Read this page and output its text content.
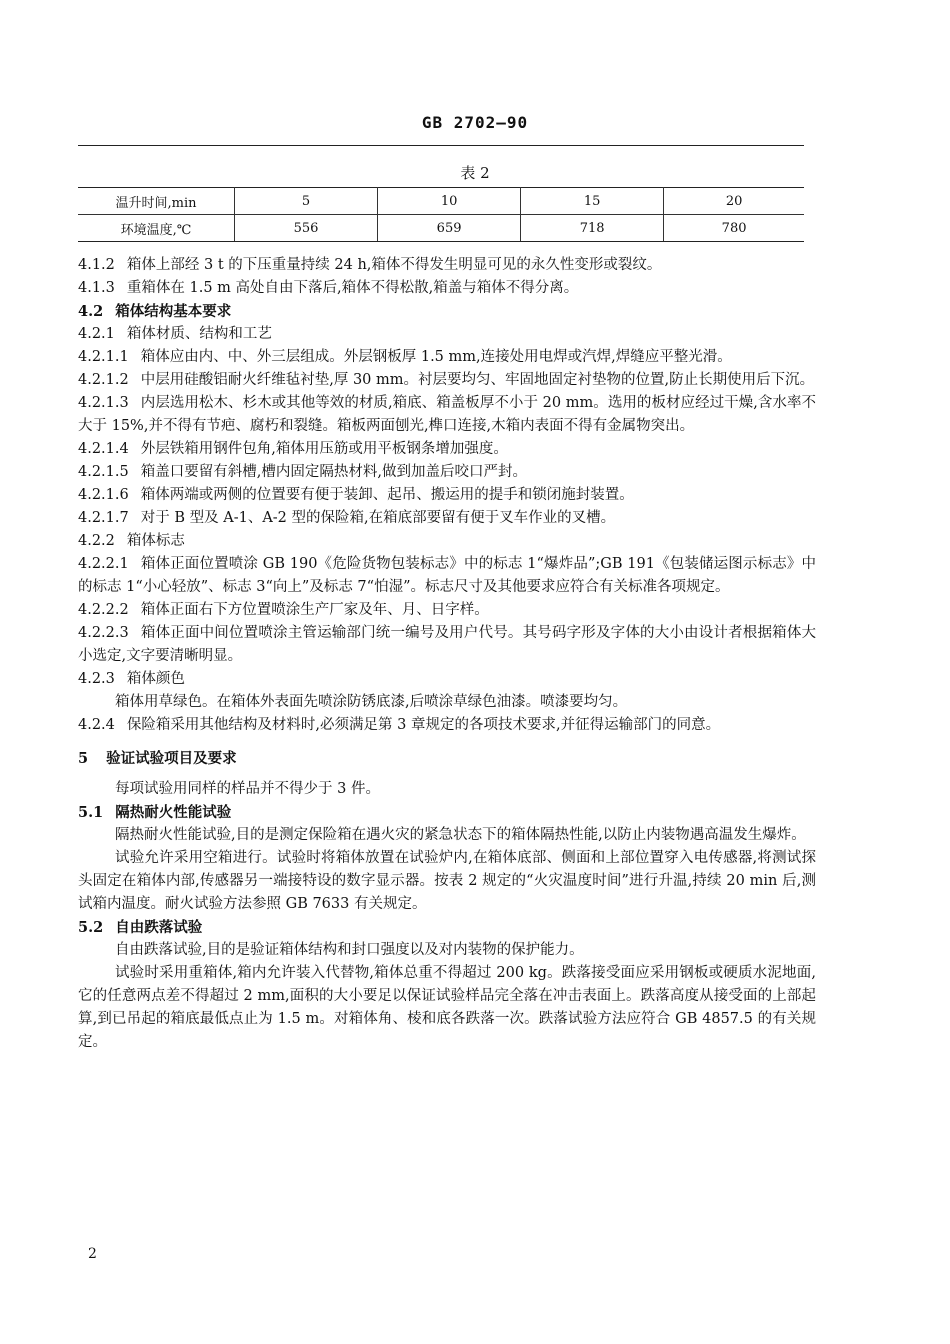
GB 2702—90
表 2
温升时间,min	5	10	15	20
环境温度,℃	556	659	718	780

4.1.2 箱体上部经 3 t 的下压重量持续 24 h,箱体不得发生明显可见的永久性变形或裂纹。

4.1.3 重箱体在 1.5 m 高处自由下落后,箱体不得松散,箱盖与箱体不得分离。

4.2 箱体结构基本要求

4.2.1 箱体材质、结构和工艺

4.2.1.1 箱体应由内、中、外三层组成。外层钢板厚 1.5 mm,连接处用电焊或汽焊,焊缝应平整光滑。

4.2.1.2 中层用硅酸铝耐火纤维毡衬垫,厚 30 mm。衬层要均匀、牢固地固定衬垫物的位置,防止长期使用后下沉。

4.2.1.3 内层选用松木、杉木或其他等效的材质,箱底、箱盖板厚不小于 20 mm。选用的板材应经过干燥,含水率不大于 15%,并不得有节疤、腐朽和裂缝。箱板两面刨光,榫口连接,木箱内表面不得有金属物突出。

4.2.1.4 外层铁箱用钢件包角,箱体用压筋或用平板钢条增加强度。

4.2.1.5 箱盖口要留有斜槽,槽内固定隔热材料,做到加盖后咬口严封。

4.2.1.6 箱体两端或两侧的位置要有便于装卸、起吊、搬运用的提手和锁闭施封装置。

4.2.1.7 对于 B 型及 A-1、A-2 型的保险箱,在箱底部要留有便于叉车作业的叉槽。

4.2.2 箱体标志

4.2.2.1 箱体正面位置喷涂 GB 190《危险货物包装标志》中的标志 1“爆炸品”;GB 191《包装储运图示标志》中的标志 1“小心轻放”、标志 3“向上”及标志 7“怕湿”。标志尺寸及其他要求应符合有关标准各项规定。

4.2.2.2 箱体正面右下方位置喷涂生产厂家及年、月、日字样。

4.2.2.3 箱体正面中间位置喷涂主管运输部门统一编号及用户代号。其号码字形及字体的大小由设计者根据箱体大小选定,文字要清晰明显。

4.2.3 箱体颜色

箱体用草绿色。在箱体外表面先喷涂防锈底漆,后喷涂草绿色油漆。喷漆要均匀。

4.2.4 保险箱采用其他结构及材料时,必须满足第 3 章规定的各项技术要求,并征得运输部门的同意。

5 验证试验项目及要求

每项试验用同样的样品并不得少于 3 件。

5.1 隔热耐火性能试验

隔热耐火性能试验,目的是测定保险箱在遇火灾的紧急状态下的箱体隔热性能,以防止内装物遇高温发生爆炸。

试验允许采用空箱进行。试验时将箱体放置在试验炉内,在箱体底部、侧面和上部位置穿入电传感器,将测试探头固定在箱体内部,传感器另一端接特设的数字显示器。按表 2 规定的“火灾温度时间”进行升温,持续 20 min 后,测试箱内温度。耐火试验方法参照 GB 7633 有关规定。

5.2 自由跌落试验

自由跌落试验,目的是验证箱体结构和封口强度以及对内装物的保护能力。

试验时采用重箱体,箱内允许装入代替物,箱体总重不得超过 200 kg。跌落接受面应采用钢板或硬质水泥地面,它的任意两点差不得超过 2 mm,面积的大小要足以保证试验样品完全落在冲击表面上。跌落高度从接受面的上部起算,到已吊起的箱底最低点止为 1.5 m。对箱体角、棱和底各跌落一次。跌落试验方法应符合 GB 4857.5 的有关规定。

2
